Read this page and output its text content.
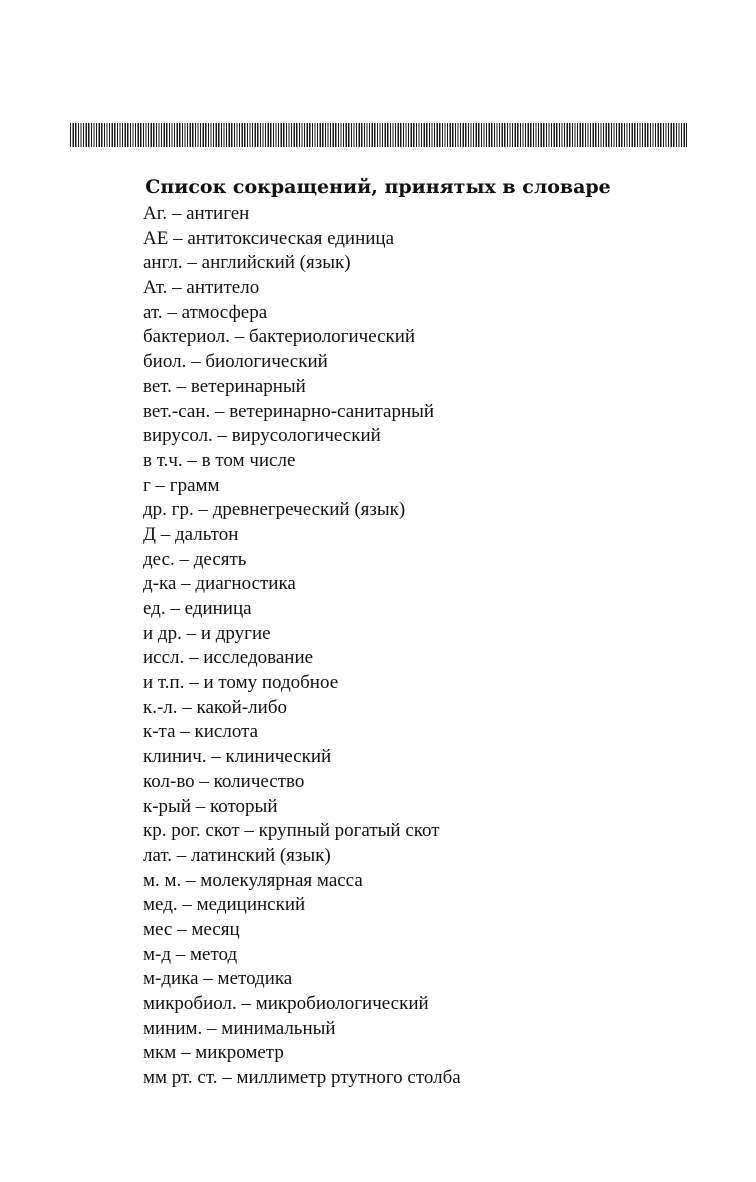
Список сокращений, принятых в словаре
Аг. – антиген
АЕ – антитоксическая единица
англ. – английский (язык)
Ат. – антитело
ат. – атмосфера
бактериол. – бактериологический
биол. – биологический
вет. – ветеринарный
вет.-сан. – ветеринарно-санитарный
вирусол. – вирусологический
в т.ч. – в том числе
г – грамм
др. гр. – древнегреческий (язык)
Д – дальтон
дес. – десять
д-ка – диагностика
ед. – единица
и др. – и другие
иссл. – исследование
и т.п. – и тому подобное
к.-л. – какой-либо
к-та – кислота
клинич. – клинический
кол-во – количество
к-рый – который
кр. рог. скот – крупный рогатый скот
лат. – латинский (язык)
м. м. – молекулярная масса
мед. – медицинский
мес – месяц
м-д – метод
м-дика – методика
микробиол. – микробиологический
миним. – минимальный
мкм – микрометр
мм рт. ст. – миллиметр ртутного столба
